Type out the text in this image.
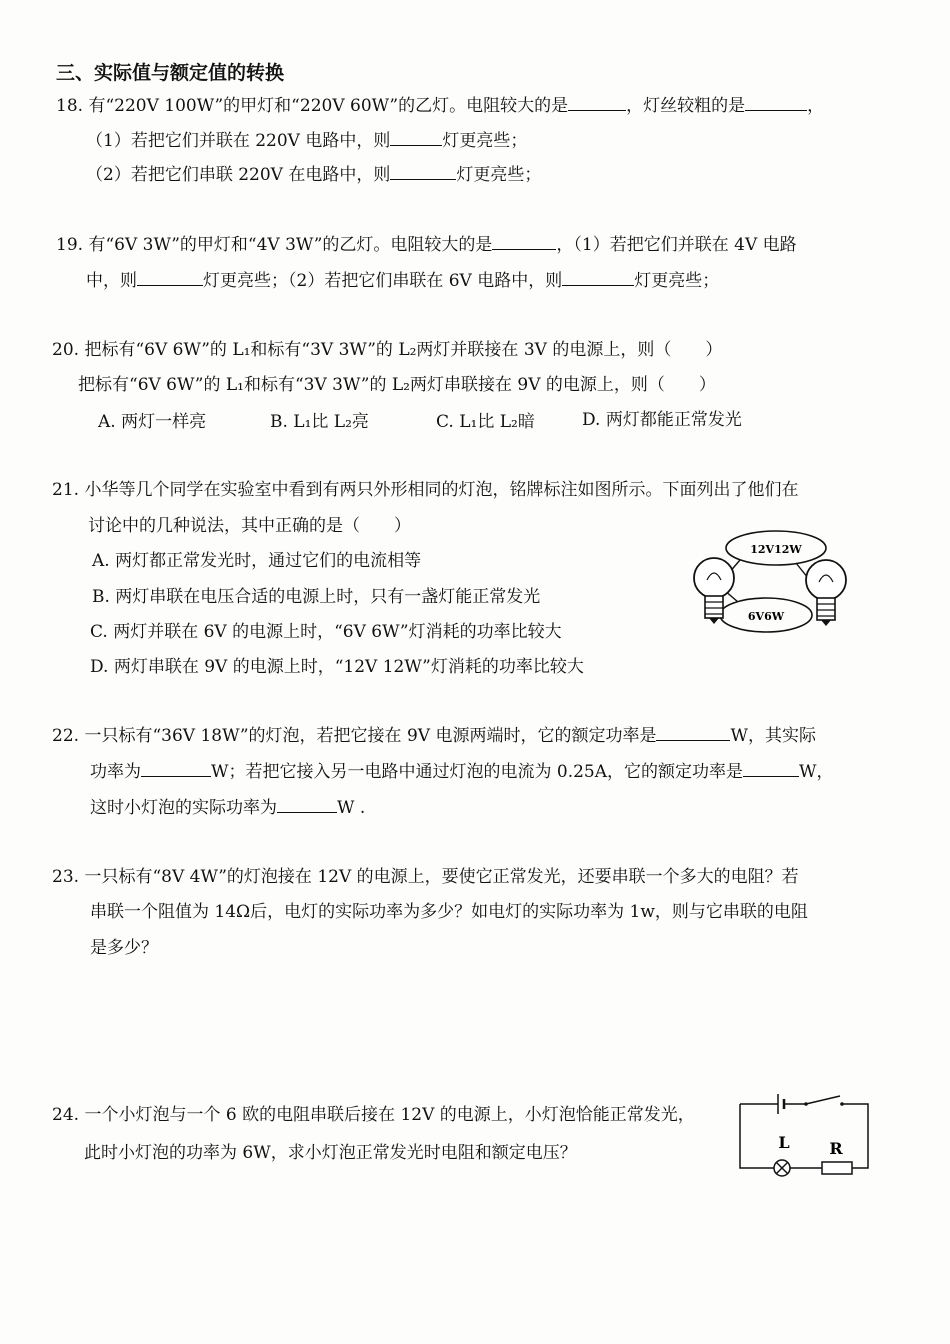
三、实际值与额定值的转换
18. 有“220V 100W”的甲灯和“220V 60W”的乙灯。电阻较大的是	，灯丝较粗的是	，
（1）若把它们并联在 220V 电路中，则	灯更亮些；
（2）若把它们串联 220V 在电路中，则	灯更亮些；
19. 有“6V 3W”的甲灯和“4V 3W”的乙灯。电阻较大的是	，（1）若把它们并联在 4V 电路
中，则	灯更亮些；（2）若把它们串联在 6V 电路中，则	灯更亮些；
20. 把标有“6V 6W”的 L₁和标有“3V 3W”的 L₂两灯并联接在 3V 的电源上，则（　　）
把标有“6V 6W”的 L₁和标有“3V 3W”的 L₂两灯串联接在 9V 的电源上，则（　　）
A. 两灯一样亮	B. L₁比 L₂亮	C. L₁比 L₂暗	D. 两灯都能正常发光
21. 小华等几个同学在实验室中看到有两只外形相同的灯泡，铭牌标注如图所示。下面列出了他们在
讨论中的几种说法，其中正确的是（　　）
A. 两灯都正常发光时，通过它们的电流相等
B. 两灯串联在电压合适的电源上时，只有一盏灯能正常发光
C. 两灯并联在 6V 的电源上时，“6V 6W”灯消耗的功率比较大
D. 两灯串联在 9V 的电源上时，“12V 12W”灯消耗的功率比较大
12V12W
6V6W
22. 一只标有“36V 18W”的灯泡，若把它接在 9V 电源两端时，它的额定功率是	W，其实际
功率为	W；若把它接入另一电路中通过灯泡的电流为 0.25A，它的额定功率是	W，
这时小灯泡的实际功率为	W .
23. 一只标有“8V 4W”的灯泡接在 12V 的电源上，要使它正常发光，还要串联一个多大的电阻？若
串联一个阻值为 14Ω后，电灯的实际功率为多少？如电灯的实际功率为 1w，则与它串联的电阻
是多少？
24. 一个小灯泡与一个 6 欧的电阻串联后接在 12V 的电源上，小灯泡恰能正常发光，
此时小灯泡的功率为 6W，求小灯泡正常发光时电阻和额定电压？
L R
